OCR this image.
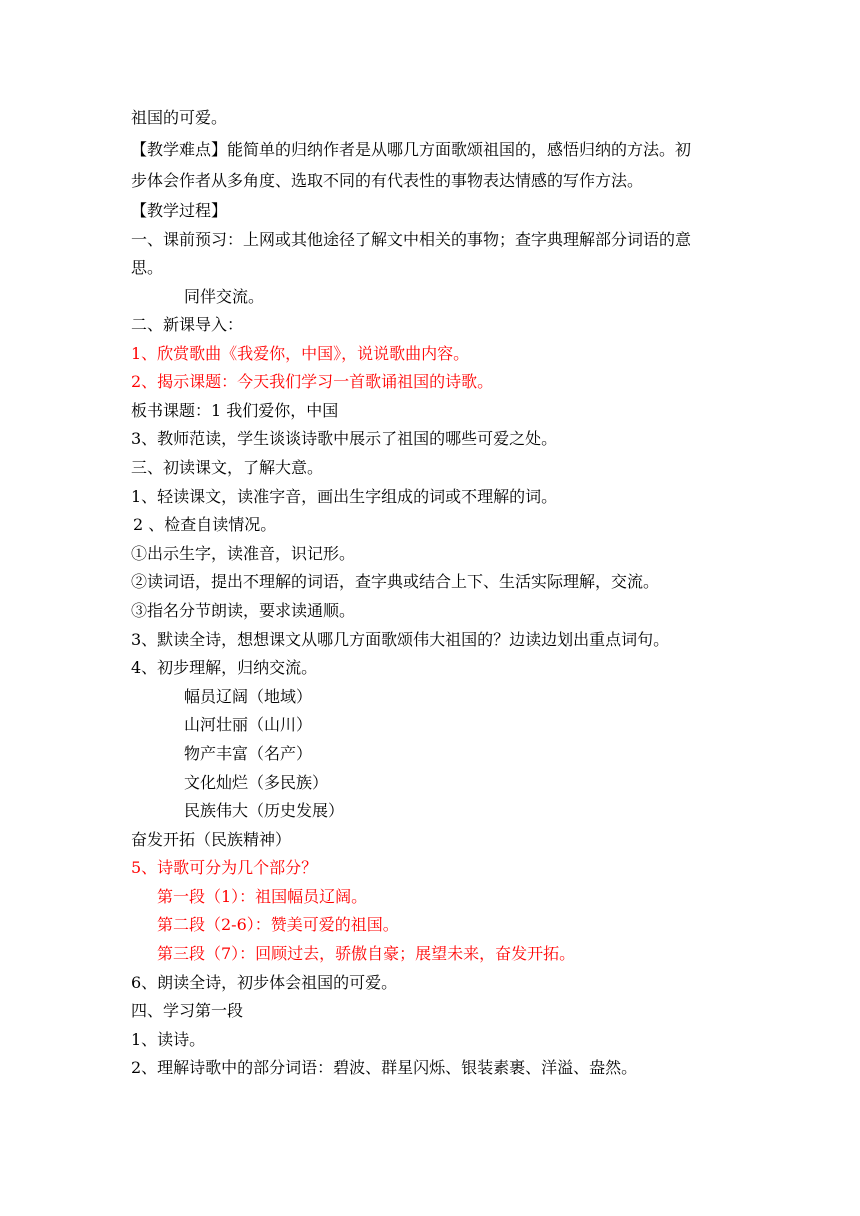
祖国的可爱。
【教学难点】能简单的归纳作者是从哪几方面歌颂祖国的，感悟归纳的方法。初
步体会作者从多角度、选取不同的有代表性的事物表达情感的写作方法。
【教学过程】
一、课前预习：上网或其他途径了解文中相关的事物；查字典理解部分词语的意
思。
同伴交流。
二、新课导入：
1、欣赏歌曲《我爱你，中国》，说说歌曲内容。
2、揭示课题：今天我们学习一首歌诵祖国的诗歌。
板书课题：1 我们爱你，中国
3、教师范读，学生谈谈诗歌中展示了祖国的哪些可爱之处。
三、初读课文，了解大意。
1、轻读课文，读准字音，画出生字组成的词或不理解的词。
2 、检查自读情况。
①出示生字，读准音，识记形。
②读词语，提出不理解的词语，查字典或结合上下、生活实际理解，交流。
③指名分节朗读，要求读通顺。
3、默读全诗，想想课文从哪几方面歌颂伟大祖国的？边读边划出重点词句。
4、初步理解，归纳交流。
幅员辽阔（地域）
山河壮丽（山川）
物产丰富（名产）
文化灿烂（多民族）
民族伟大（历史发展）
奋发开拓（民族精神）
5、诗歌可分为几个部分？
第一段（1）：祖国幅员辽阔。
第二段（2-6）：赞美可爱的祖国。
第三段（7）：回顾过去，骄傲自豪；展望未来，奋发开拓。
6、朗读全诗，初步体会祖国的可爱。
四、学习第一段
1、读诗。
2、理解诗歌中的部分词语：碧波、群星闪烁、银装素裹、洋溢、盎然。
